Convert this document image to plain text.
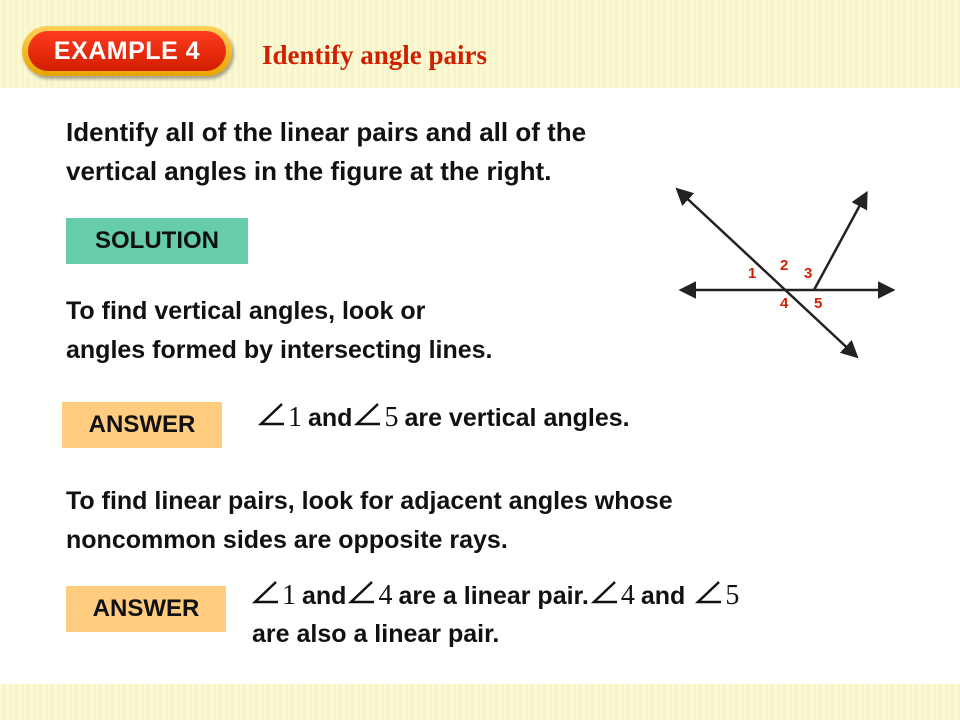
EXAMPLE 4	Identify angle pairs
Identify all of the linear pairs and all of the
vertical angles in the figure at the right.
SOLUTION
To find vertical angles, look or
angles formed by intersecting lines.
ANSWER	1 and 5 are vertical angles.
To find linear pairs, look for adjacent angles whose
noncommon sides are opposite rays.
ANSWER	1 and 4 are a linear pair. 4 and 5
are also a linear pair.
1 2 3
4 5
